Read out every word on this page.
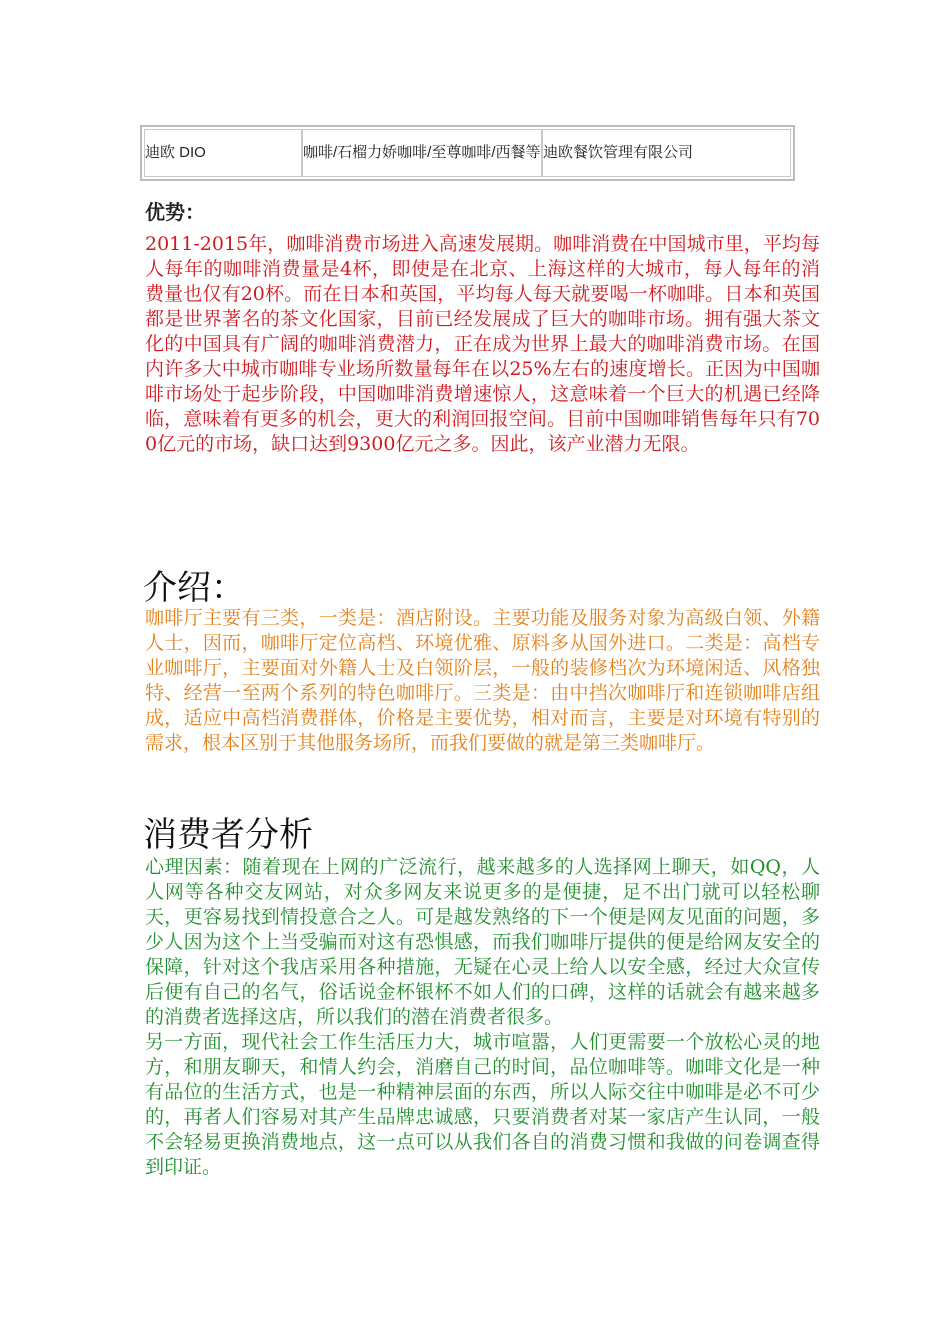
迪欧 DIO	咖啡/石榴力娇咖啡/至尊咖啡/西餐等 迪欧餐饮管理有限公司
优势：

2011-2015年，咖啡消费市场进入高速发展期。咖啡消费在中国城市里，平均每人每年的咖啡消费量是4杯，即使是在北京、上海这样的大城市，每人每年的消费量也仅有20杯。而在日本和英国，平均每人每天就要喝一杯咖啡。日本和英国都是世界著名的茶文化国家，目前已经发展成了巨大的咖啡市场。拥有强大茶文化的中国具有广阔的咖啡消费潜力，正在成为世界上最大的咖啡消费市场。在国内许多大中城市咖啡专业场所数量每年在以25%左右的速度增长。正因为中国咖啡市场处于起步阶段，中国咖啡消费增速惊人，这意味着一个巨大的机遇已经降临，意味着有更多的机会，更大的利润回报空间。目前中国咖啡销售每年只有700亿元的市场，缺口达到9300亿元之多。因此，该产业潜力无限。

介绍：

咖啡厅主要有三类，一类是：酒店附设。主要功能及服务对象为高级白领、外籍人士，因而，咖啡厅定位高档、环境优雅、原料多从国外进口。二类是：高档专业咖啡厅，主要面对外籍人士及白领阶层，一般的装修档次为环境闲适、风格独特、经营一至两个系列的特色咖啡厅。三类是：由中挡次咖啡厅和连锁咖啡店组成，适应中高档消费群体，价格是主要优势，相对而言，主要是对环境有特别的需求，根本区别于其他服务场所，而我们要做的就是第三类咖啡厅。

消费者分析
心理因素：随着现在上网的广泛流行，越来越多的人选择网上聊天，如QQ，人人网等各种交友网站，对众多网友来说更多的是便捷，足不出门就可以轻松聊天，更容易找到情投意合之人。可是越发熟络的下一个便是网友见面的问题，多少人因为这个上当受骗而对这有恐惧感，而我们咖啡厅提供的便是给网友安全的保障，针对这个我店采用各种措施，无疑在心灵上给人以安全感，经过大众宣传后便有自己的名气，俗话说金杯银杯不如人们的口碑，这样的话就会有越来越多的消费者选择这店，所以我们的潜在消费者很多。
另一方面，现代社会工作生活压力大，城市喧嚣，人们更需要一个放松心灵的地方，和朋友聊天，和情人约会，消磨自己的时间，品位咖啡等。咖啡文化是一种有品位的生活方式，也是一种精神层面的东西，所以人际交往中咖啡是必不可少的，再者人们容易对其产生品牌忠诚感，只要消费者对某一家店产生认同，一般不会轻易更换消费地点，这一点可以从我们各自的消费习惯和我做的问卷调查得到印证。
